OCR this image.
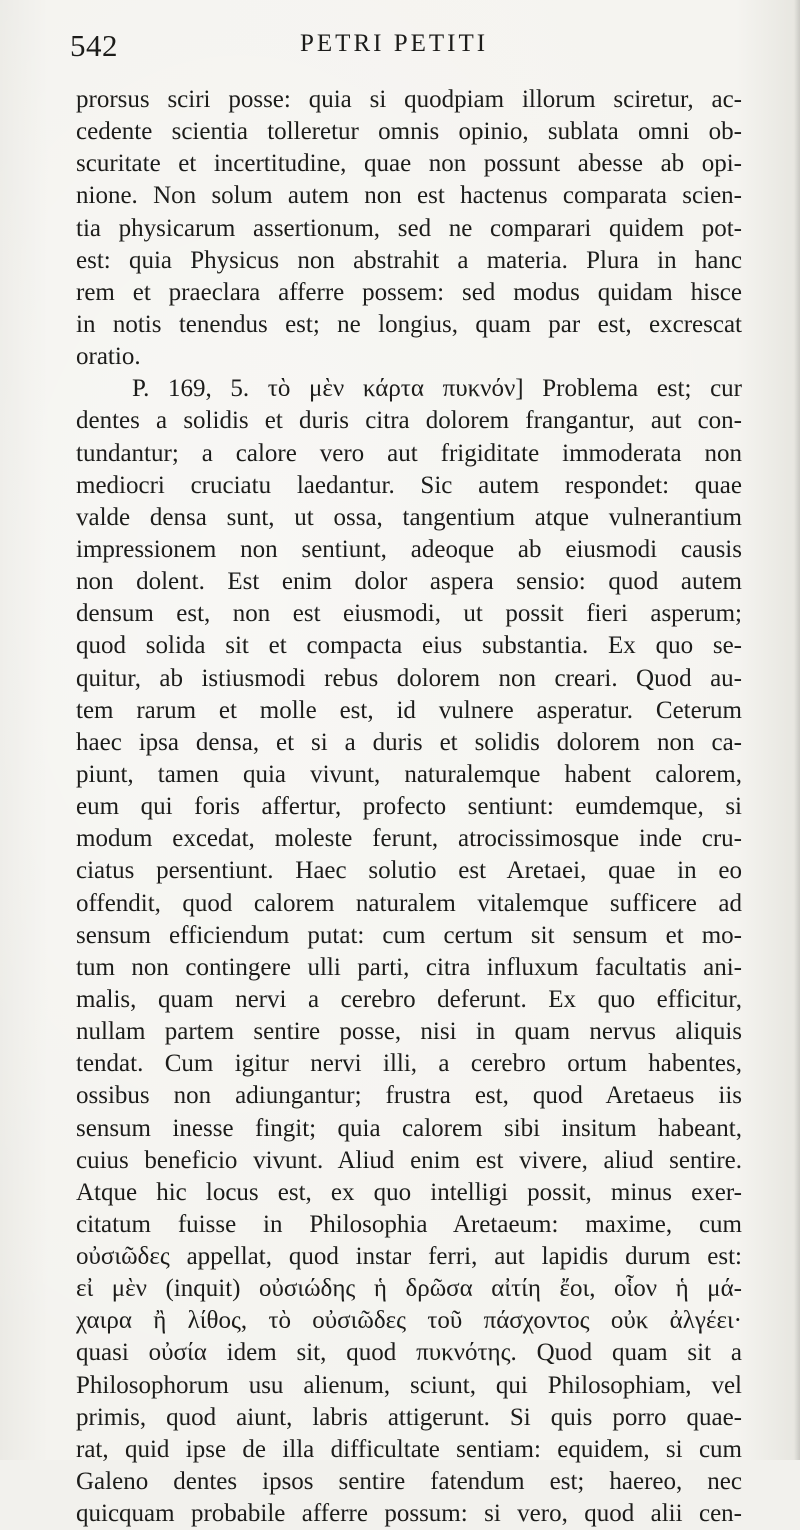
542	PETRI PETITI
prorsus sciri posse: quia si quodpiam illorum sciretur, ac-
cedente scientia tolleretur omnis opinio, sublata omni ob-
scuritate et incertitudine, quae non possunt abesse ab opi-
nione. Non solum autem non est hactenus comparata scien-
tia physicarum assertionum, sed ne comparari quidem pot-
est: quia Physicus non abstrahit a materia. Plura in hanc
rem et praeclara afferre possem: sed modus quidam hisce
in notis tenendus est; ne longius, quam par est, excrescat
oratio.
P. 169, 5. τὸ μὲν κάρτα πυκνόν] Problema est; cur
dentes a solidis et duris citra dolorem frangantur, aut con-
tundantur; a calore vero aut frigiditate immoderata non
mediocri cruciatu laedantur. Sic autem respondet: quae
valde densa sunt, ut ossa, tangentium atque vulnerantium
impressionem non sentiunt, adeoque ab eiusmodi causis
non dolent. Est enim dolor aspera sensio: quod autem
densum est, non est eiusmodi, ut possit fieri asperum;
quod solida sit et compacta eius substantia. Ex quo se-
quitur, ab istiusmodi rebus dolorem non creari. Quod au-
tem rarum et molle est, id vulnere asperatur. Ceterum
haec ipsa densa, et si a duris et solidis dolorem non ca-
piunt, tamen quia vivunt, naturalemque habent calorem,
eum qui foris affertur, profecto sentiunt: eumdemque, si
modum excedat, moleste ferunt, atrocissimosque inde cru-
ciatus persentiunt. Haec solutio est Aretaei, quae in eo
offendit, quod calorem naturalem vitalemque sufficere ad
sensum efficiendum putat: cum certum sit sensum et mo-
tum non contingere ulli parti, citra influxum facultatis ani-
malis, quam nervi a cerebro deferunt. Ex quo efficitur,
nullam partem sentire posse, nisi in quam nervus aliquis
tendat. Cum igitur nervi illi, a cerebro ortum habentes,
ossibus non adiungantur; frustra est, quod Aretaeus iis
sensum inesse fingit; quia calorem sibi insitum habeant,
cuius beneficio vivunt. Aliud enim est vivere, aliud sentire.
Atque hic locus est, ex quo intelligi possit, minus exer-
citatum fuisse in Philosophia Aretaeum: maxime, cum
οὐσιῶδες appellat, quod instar ferri, aut lapidis durum est:
εἰ μὲν (inquit) οὐσιώδης ἡ δρῶσα αἰτίη ἔοι, οἷον ἡ μά-
χαιρα ἢ λίθος, τὸ οὐσιῶδες τοῦ πάσχοντος οὐκ ἀλγέει·
quasi οὐσία idem sit, quod πυκνότης. Quod quam sit a
Philosophorum usu alienum, sciunt, qui Philosophiam, vel
primis, quod aiunt, labris attigerunt. Si quis porro quae-
rat, quid ipse de illa difficultate sentiam: equidem, si cum
Galeno dentes ipsos sentire fatendum est; haereo, nec
quicquam probabile afferre possum: si vero, quod alii cen-
